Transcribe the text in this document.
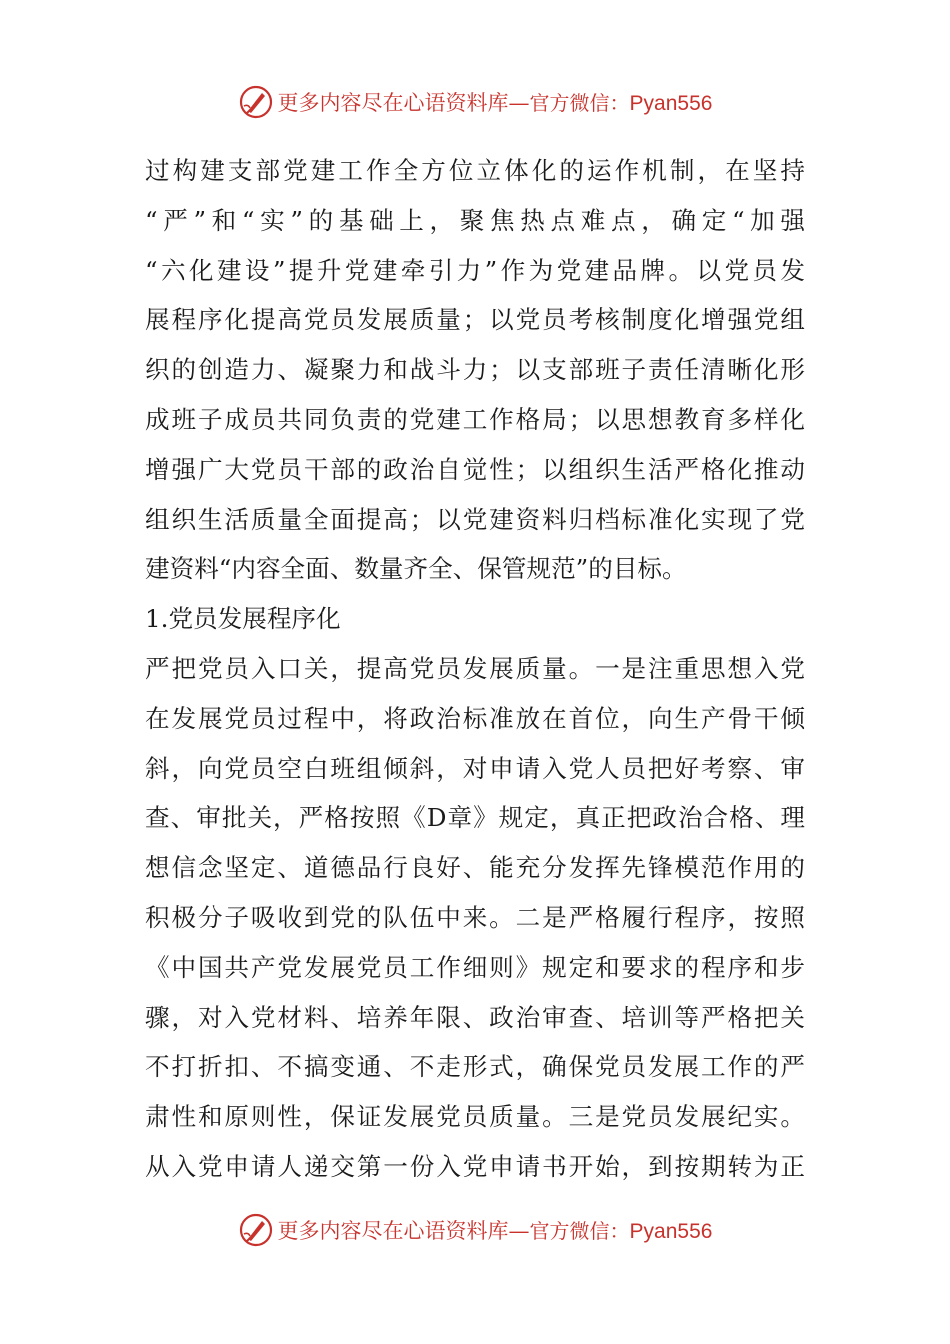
更多内容尽在心语资料库—官方微信：Pyan556
过构建支部党建工作全方位立体化的运作机制，在坚持
“严”和“实”的基础上，聚焦热点难点，确定“加强
“六化建设”提升党建牵引力”作为党建品牌。以党员发
展程序化提高党员发展质量；以党员考核制度化增强党组
织的创造力、凝聚力和战斗力；以支部班子责任清晰化形
成班子成员共同负责的党建工作格局；以思想教育多样化
增强广大党员干部的政治自觉性；以组织生活严格化推动
组织生活质量全面提高；以党建资料归档标准化实现了党
建资料“内容全面、数量齐全、保管规范”的目标。
1.党员发展程序化
严把党员入口关，提高党员发展质量。一是注重思想入党
在发展党员过程中，将政治标准放在首位，向生产骨干倾
斜，向党员空白班组倾斜，对申请入党人员把好考察、审
查、审批关，严格按照《D章》规定，真正把政治合格、理
想信念坚定、道德品行良好、能充分发挥先锋模范作用的
积极分子吸收到党的队伍中来。二是严格履行程序，按照
《中国共产党发展党员工作细则》规定和要求的程序和步
骤，对入党材料、培养年限、政治审查、培训等严格把关
不打折扣、不搞变通、不走形式，确保党员发展工作的严
肃性和原则性，保证发展党员质量。三是党员发展纪实。
从入党申请人递交第一份入党申请书开始，到按期转为正
更多内容尽在心语资料库—官方微信：Pyan556
